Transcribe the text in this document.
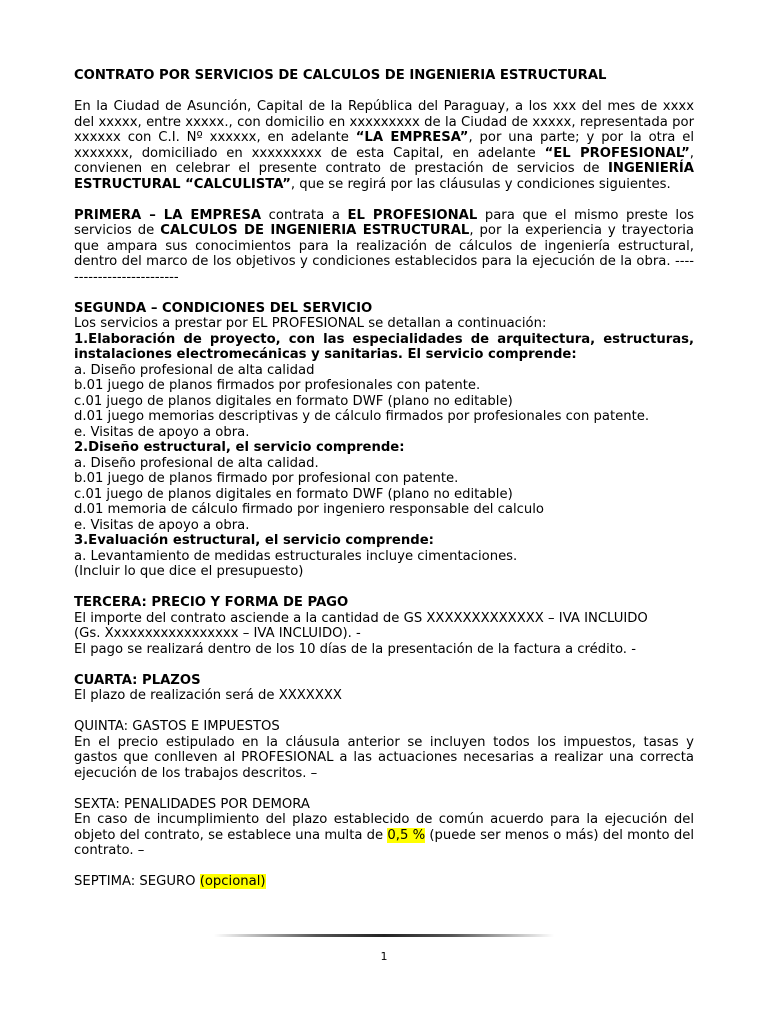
CONTRATO POR SERVICIOS DE CALCULOS DE INGENIERIA ESTRUCTURAL

En la Ciudad de Asunción, Capital de la República del Paraguay, a los xxx del mes de xxxx del xxxxx, entre xxxxx., con domicilio en xxxxxxxxx de la Ciudad de xxxxx, representada por xxxxxx con C.I. Nº xxxxxx, en adelante “LA EMPRESA”, por una parte; y por la otra el xxxxxxx, domiciliado en xxxxxxxxx de esta Capital, en adelante “EL PROFESIONAL”, convienen en celebrar el presente contrato de prestación de servicios de INGENIERÍA ESTRUCTURAL “CALCULISTA”, que se regirá por las cláusulas y condiciones siguientes.

PRIMERA – LA EMPRESA contrata a EL PROFESIONAL para que el mismo preste los servicios de CALCULOS DE INGENIERIA ESTRUCTURAL, por la experiencia y trayectoria que ampara sus conocimientos para la realización de cálculos de ingeniería estructural, dentro del marco de los objetivos y condiciones establecidos para la ejecución de la obra. --------------------------

SEGUNDA – CONDICIONES DEL SERVICIO

Los servicios a prestar por EL PROFESIONAL se detallan a continuación:

1.Elaboración de proyecto, con las especialidades de arquitectura, estructuras, instalaciones electromecánicas y sanitarias. El servicio comprende:

a. Diseño profesional de alta calidad

b.01 juego de planos firmados por profesionales con patente.

c.01 juego de planos digitales en formato DWF (plano no editable)

d.01 juego memorias descriptivas y de cálculo firmados por profesionales con patente.

e. Visitas de apoyo a obra.

2.Diseño estructural, el servicio comprende:

a. Diseño profesional de alta calidad.

b.01 juego de planos firmado por profesional con patente.

c.01 juego de planos digitales en formato DWF (plano no editable)

d.01 memoria de cálculo firmado por ingeniero responsable del calculo

e. Visitas de apoyo a obra.

3.Evaluación estructural, el servicio comprende:

a. Levantamiento de medidas estructurales incluye cimentaciones.

(Incluir lo que dice el presupuesto)

TERCERA: PRECIO Y FORMA DE PAGO

El importe del contrato asciende a la cantidad de GS XXXXXXXXXXXXX – IVA INCLUIDO

(Gs. Xxxxxxxxxxxxxxxxx – IVA INCLUIDO). -

El pago se realizará dentro de los 10 días de la presentación de la factura a crédito. -

CUARTA: PLAZOS

El plazo de realización será de XXXXXXX

QUINTA: GASTOS E IMPUESTOS

En el precio estipulado en la cláusula anterior se incluyen todos los impuestos, tasas y gastos que conlleven al PROFESIONAL a las actuaciones necesarias a realizar una correcta ejecución de los trabajos descritos. –

SEXTA: PENALIDADES POR DEMORA

En caso de incumplimiento del plazo establecido de común acuerdo para la ejecución del objeto del contrato, se establece una multa de 0,5 % (puede ser menos o más) del monto del contrato. –

SEPTIMA: SEGURO (opcional)

1
